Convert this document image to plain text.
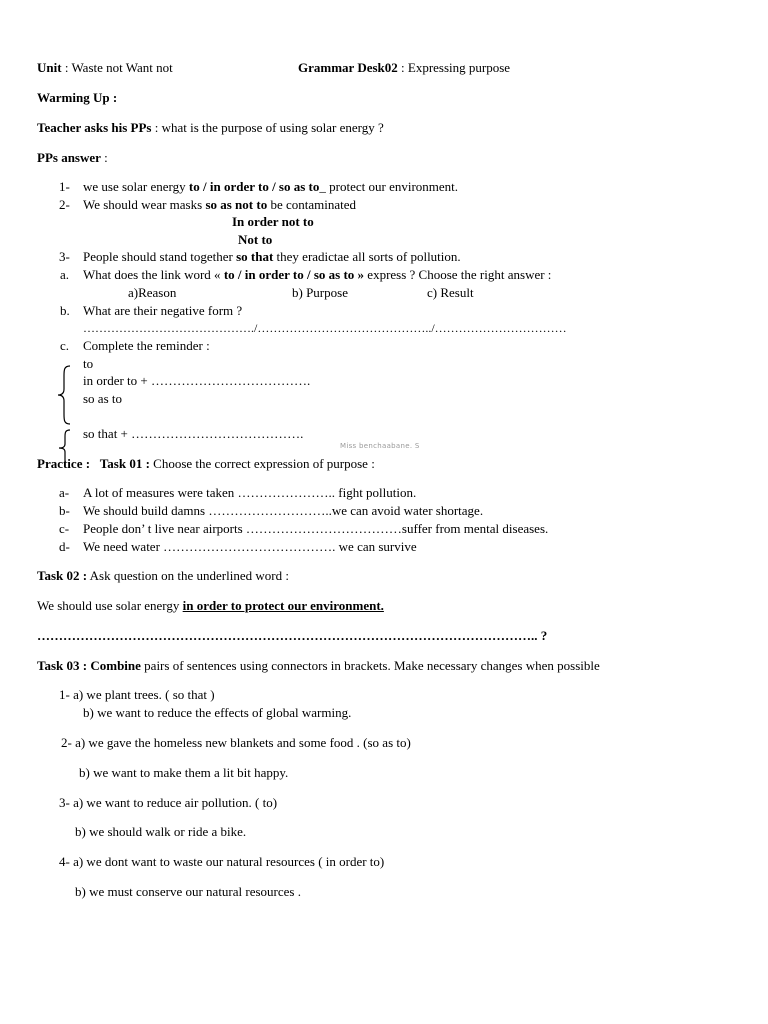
Unit : Waste not Want not	Grammar Desk02 : Expressing purpose
Warming Up :
Teacher asks his PPs : what is the purpose of using solar energy ?
PPs answer :
1- we use solar energy to / in order to / so as to_ protect our environment.
2- We should wear masks so as not to be contaminated
In order not to
Not to
3- People should stand together so that they eradictae all sorts of pollution.
a. What does the link word « to / in order to / so as to » express ? Choose the right answer :
a)Reason	b) Purpose	c) Result
b. What are their negative form ?
……………………………………./……………………………………../……………………………
c. Complete the reminder :
to
in order to + ……………………………….
so as to
so that + ………………………………….
Miss benchaabane. S
Practice : Task 01 : Choose the correct expression of purpose :
a- A lot of measures were taken ………………….. fight pollution.
b- We should build damns ………………………..we can avoid water shortage.
c- People don’ t live near airports ………………………………suffer from mental diseases.
d- We need water …………………………………. we can survive
Task 02 : Ask question on the underlined word :
We should use solar energy in order to protect our environment.
…………………………………………………………………………………………………….. ?
Task 03 : Combine pairs of sentences using connectors in brackets. Make necessary changes when possible
1- a) we plant trees. ( so that )
b) we want to reduce the effects of global warming.
2- a) we gave the homeless new blankets and some food . (so as to)
b) we want to make them a lit bit happy.
3- a) we want to reduce air pollution. ( to)
b) we should walk or ride a bike.
4- a) we dont want to waste our natural resources ( in order to)
b) we must conserve our natural resources .
